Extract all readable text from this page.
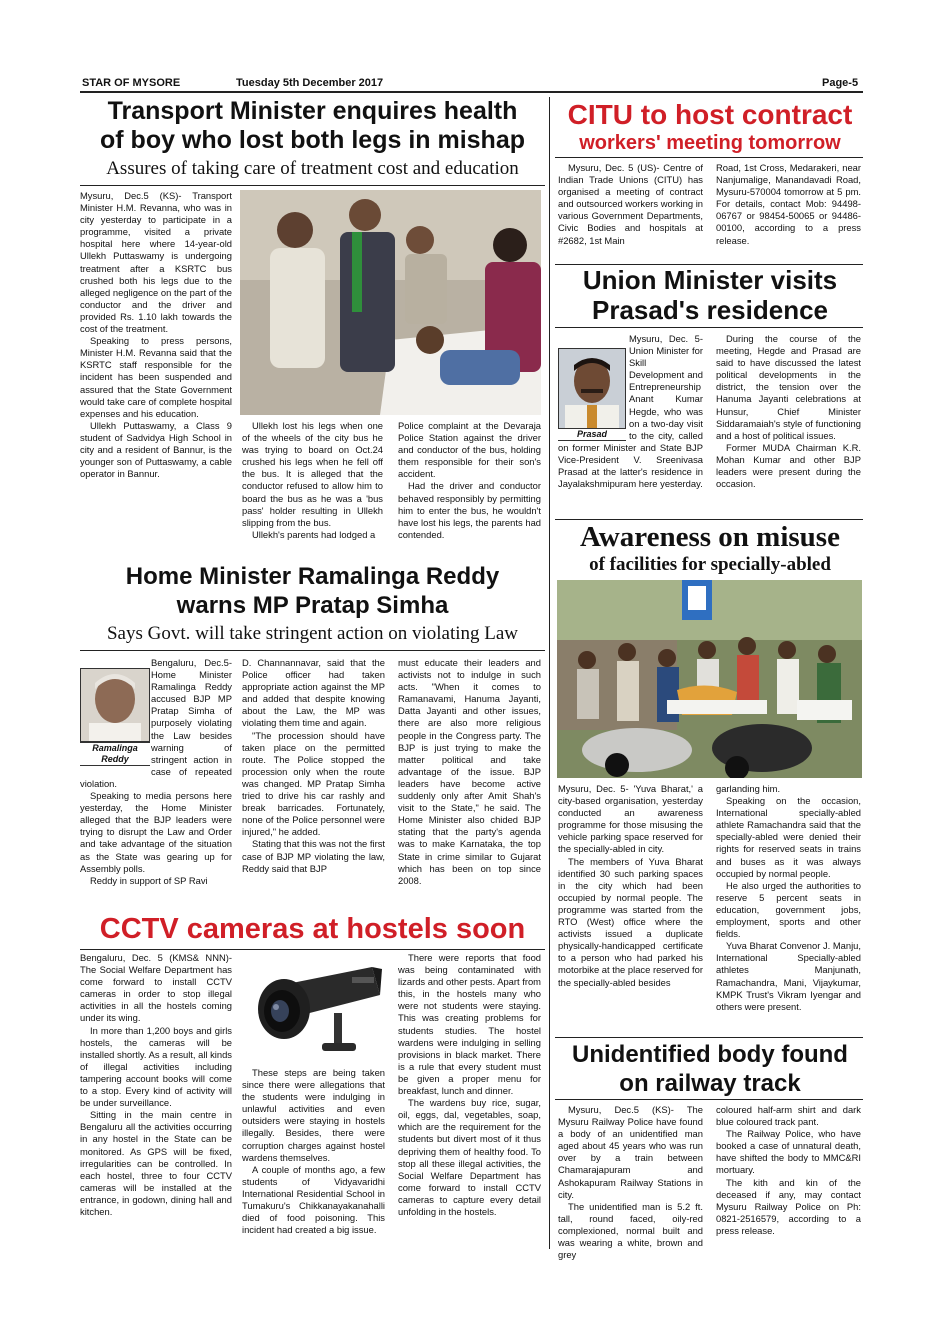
STAR OF MYSORE	Tuesday 5th December 2017	Page-5
Transport Minister enquires health
of boy who lost both legs in mishap
Assures of taking care of treatment cost and education

Mysuru, Dec.5 (KS)- Transport Minister H.M. Revanna, who was in city yesterday to participate in a programme, visited a private hospital here where 14-year-old Ullekh Puttaswamy is undergoing treatment after a KSRTC bus crushed both his legs due to the alleged negligence on the part of the conductor and the driver and provided Rs. 1.10 lakh towards the cost of the treatment.

Speaking to press persons, Minister H.M. Revanna said that the KSRTC staff responsible for the incident has been suspended and assured that the State Government would take care of complete hospital expenses and his education.

Ullekh Puttaswamy, a Class 9 student of Sadvidya High School in city and a resident of Bannur, is the younger son of Puttaswamy, a cable operator in Bannur.

Ullekh lost his legs when one of the wheels of the city bus he was trying to board on Oct.24 crushed his legs when he fell off the bus. It is alleged that the conductor refused to allow him to board the bus as he was a 'bus pass' holder resulting in Ullekh slipping from the bus.

Ullekh's parents had lodged a

Police complaint at the Devaraja Police Station against the driver and conductor of the bus, holding them responsible for their son's accident.

Had the driver and conductor behaved responsibly by permitting him to enter the bus, he wouldn't have lost his legs, the parents had contended.

Home Minister Ramalinga Reddy
warns MP Pratap Simha
Says Govt. will take stringent action on violating Law
Ramalinga
Reddy

Bengaluru, Dec.5- Home Minister Ramalinga Reddy accused BJP MP Pratap Simha of purposely violating the Law besides warning of stringent action in case of repeated violation.

Speaking to media persons here yesterday, the Home Minister alleged that the BJP leaders were trying to disrupt the Law and Order and take advantage of the situation as the State was gearing up for Assembly polls.

Reddy in support of SP Ravi

D. Channannavar, said that the Police officer had taken appropriate action against the MP and added that despite knowing about the Law, the MP was violating them time and again.

"The procession should have taken place on the permitted route. The Police stopped the procession only when the route was changed. MP Pratap Simha tried to drive his car rashly and break barricades. Fortunately, none of the Police personnel were injured," he added.

Stating that this was not the first case of BJP MP violating the law, Reddy said that BJP

must educate their leaders and activists not to indulge in such acts. "When it comes to Ramanavami, Hanuma Jayanti, Datta Jayanti and other issues, there are also more religious people in the Congress party. The BJP is just trying to make the matter political and take advantage of the issue. BJP leaders have become active suddenly only after Amit Shah's visit to the State," he said. The Home Minister also chided BJP stating that the party's agenda was to make Karnataka, the top State in crime similar to Gujarat which has been on top since 2008.

CCTV cameras at hostels soon

Bengaluru, Dec. 5 (KMS& NNN)- The Social Welfare Department has come forward to install CCTV cameras in order to stop illegal activities in all the hostels coming under its wing.

In more than 1,200 boys and girls hostels, the cameras will be installed shortly. As a result, all kinds of illegal activities including tampering account books will come to a stop. Every kind of activity will be under surveillance.

Sitting in the main centre in Bengaluru all the activities occurring in any hostel in the State can be monitored. As GPS will be fixed, irregularities can be controlled. In each hostel, three to four CCTV cameras will be installed at the entrance, in godown, dining hall and kitchen.

These steps are being taken since there were allegations that the students were indulging in unlawful activities and even outsiders were staying in hostels illegally. Besides, there were corruption charges against hostel wardens themselves.

A couple of months ago, a few students of Vidyavaridhi International Residential School in Tumakuru's Chikkanayakanahalli died of food poisoning. This incident had created a big issue.

There were reports that food was being contaminated with lizards and other pests. Apart from this, in the hostels many who were not students were staying. This was creating problems for students studies. The hostel wardens were indulging in selling provisions in black market. There is a rule that every student must be given a proper menu for breakfast, lunch and dinner.

The wardens buy rice, sugar, oil, eggs, dal, vegetables, soap, which are the requirement for the students but divert most of it thus depriving them of healthy food. To stop all these illegal activities, the Social Welfare Department has come forward to install CCTV cameras to capture every detail unfolding in the hostels.

CITU to host contract
workers' meeting tomorrow

Mysuru, Dec. 5 (US)- Centre of Indian Trade Unions (CITU) has organised a meeting of contract and outsourced workers working in various Government Departments, Civic Bodies and hospitals at #2682, 1st Main

Road, 1st Cross, Medarakeri, near Nanjumalige, Manandavadi Road, Mysuru-570004 tomorrow at 5 pm. For details, contact Mob: 94498-06767 or 98454-50065 or 94486-00100, according to a press release.

Union Minister visits
Prasad's residence
Prasad

Mysuru, Dec. 5- Union Minister for Skill Development and Entrepreneurship Anant Kumar Hegde, who was on a two-day visit to the city, called on former Minister and State BJP Vice-President V. Sreenivasa Prasad at the latter's residence in Jayalakshmipuram here yesterday.

During the course of the meeting, Hegde and Prasad are said to have discussed the latest political developments in the district, the tension over the Hanuma Jayanti celebrations at Hunsur, Chief Minister Siddaramaiah's style of functioning and a host of political issues.

Former MUDA Chairman K.R. Mohan Kumar and other BJP leaders were present during the occasion.

Awareness on misuse
of facilities for specially-abled

Mysuru, Dec. 5- 'Yuva Bharat,' a city-based organisation, yesterday conducted an awareness programme for those misusing the vehicle parking space reserved for the specially-abled in city.

The members of Yuva Bharat identified 30 such parking spaces in the city which had been occupied by normal people. The programme was started from the RTO (West) office where the activists issued a duplicate physically-handicapped certificate to a person who had parked his motorbike at the place reserved for the specially-abled besides

garlanding him.

Speaking on the occasion, International specially-abled athlete Ramachandra said that the specially-abled were denied their rights for reserved seats in trains and buses as it was always occupied by normal people.

He also urged the authorities to reserve 5 percent seats in education, government jobs, employment, sports and other fields.

Yuva Bharat Convenor J. Manju, International Specially-abled athletes Manjunath, Ramachandra, Mani, Vijaykumar, KMPK Trust's Vikram Iyengar and others were present.

Unidentified body found
on railway track

Mysuru, Dec.5 (KS)- The Mysuru Railway Police have found a body of an unidentified man aged about 45 years who was run over by a train between Chamarajapuram and Ashokapuram Railway Stations in city.

The unidentified man is 5.2 ft. tall, round faced, oily-red complexioned, normal built and was wearing a white, brown and grey

coloured half-arm shirt and dark blue coloured track pant.

The Railway Police, who have booked a case of unnatural death, have shifted the body to MMC&RI mortuary.

The kith and kin of the deceased if any, may contact Mysuru Railway Police on Ph: 0821-2516579, according to a press release.
